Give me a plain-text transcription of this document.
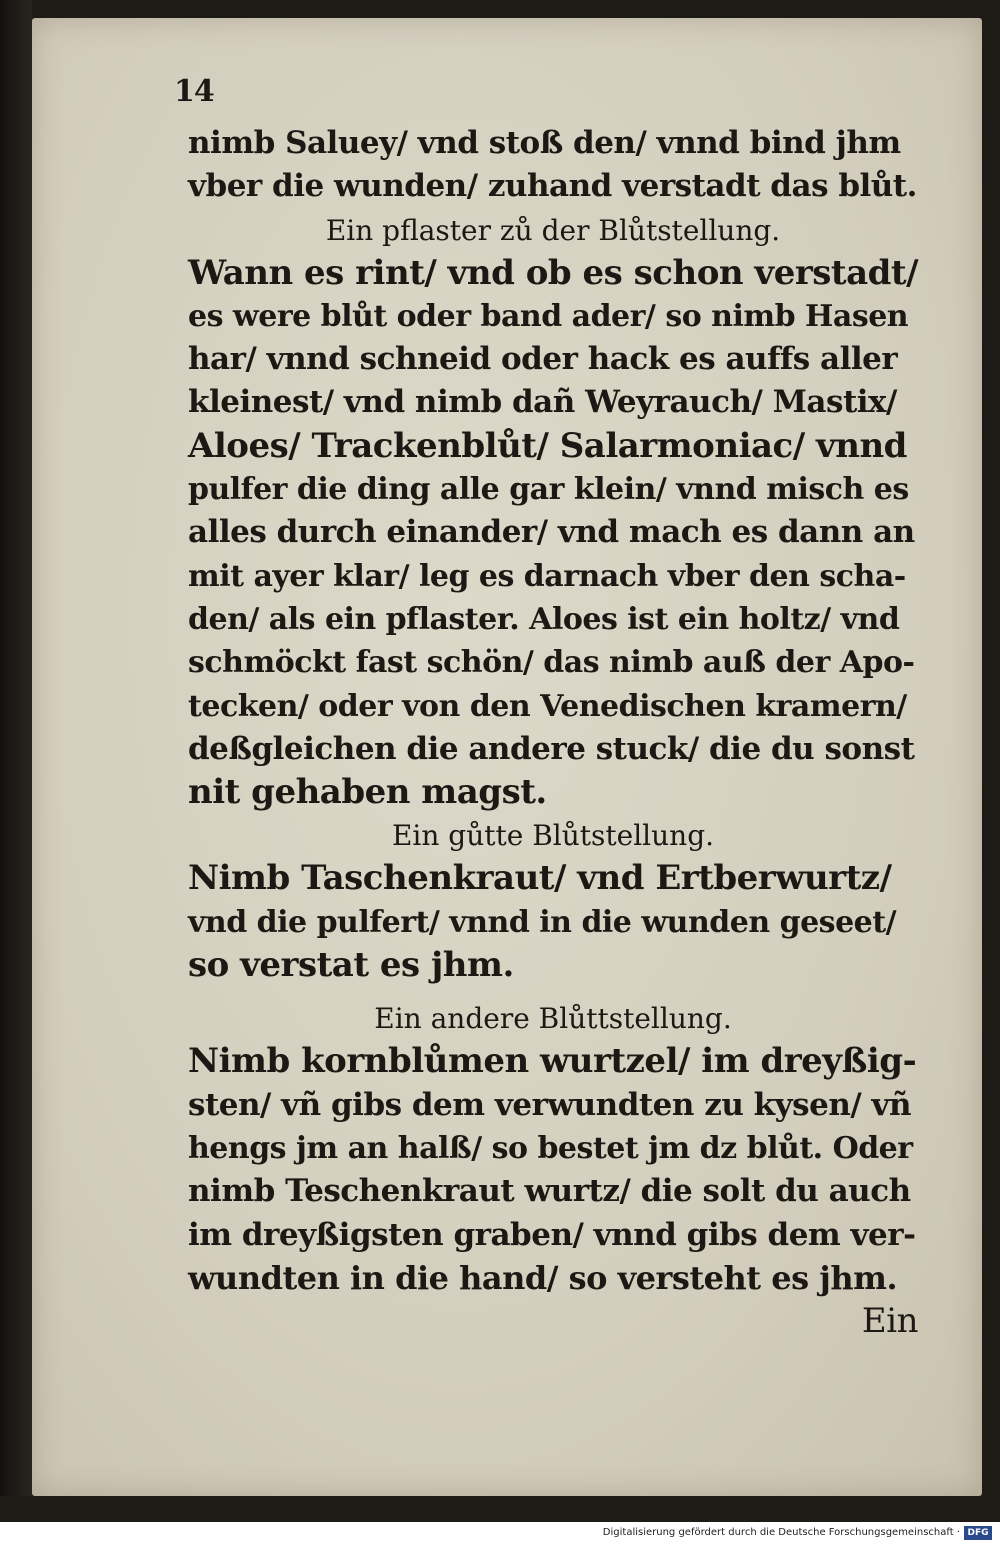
14
nimb Saluey/ vnd stoß den/ vnnd bind jhm
vber die wunden/ zuhand verstadt das blůt.
Ein pflaster zů der Blůtstellung.
Wann es rint/ vnd ob es schon verstadt/
es were blůt oder band ader/ so nimb Hasen
har/ vnnd schneid oder hack es auffs aller
kleinest/ vnd nimb dañ Weyrauch/ Mastix/
Aloes/ Trackenblůt/ Salarmoniac/ vnnd
pulfer die ding alle gar klein/ vnnd misch es
alles durch einander/ vnd mach es dann an
mit ayer klar/ leg es darnach vber den scha-
den/ als ein pflaster. Aloes ist ein holtz/ vnd
schmöckt fast schön/ das nimb auß der Apo-
tecken/ oder von den Venedischen kramern/
deßgleichen die andere stuck/ die du sonst
nit gehaben magst.
Ein gůtte Blůtstellung.
Nimb Taschenkraut/ vnd Ertberwurtz/
vnd die pulfert/ vnnd in die wunden geseet/
so verstat es jhm.
Ein andere Blůttstellung.
Nimb kornblůmen wurtzel/ im dreyßig-
sten/ vñ gibs dem verwundten zu kysen/ vñ
hengs jm an halß/ so bestet jm dz blůt. Oder
nimb Teschenkraut wurtz/ die solt du auch
im dreyßigsten graben/ vnnd gibs dem ver-
wundten in die hand/ so versteht es jhm.
Ein
Digitalisierung gefördert durch die Deutsche Forschungsgemeinschaft · DFG
